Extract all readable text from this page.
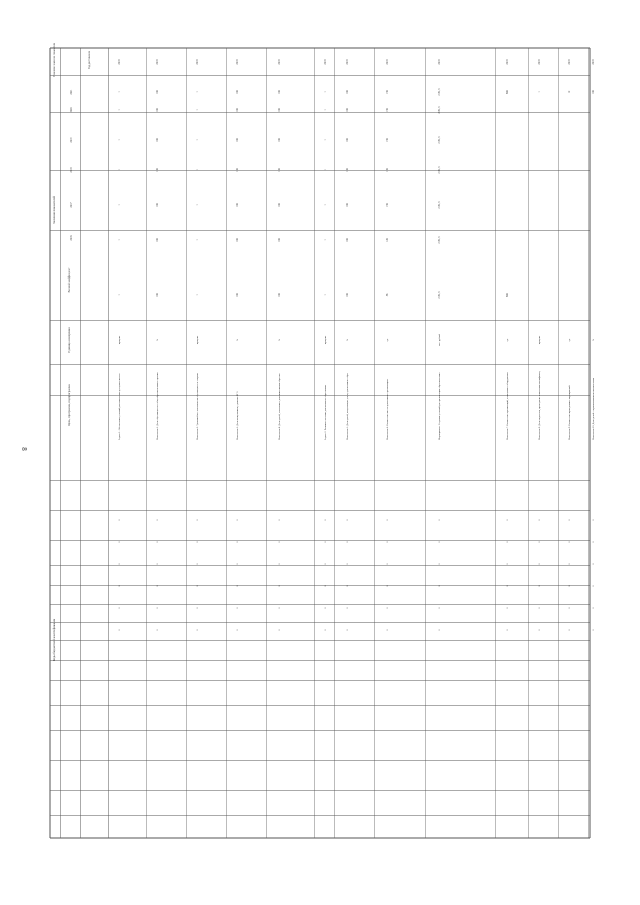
Значения показателей
Коды бюджетной классификации
Цель, программа, подпрограмма
Единица измерения
Весовой коэффициент
Плановое значение показателя	Год достижения
2016
2017
2018
2019
2020
2021
Задача 1. Обеспечение условий для повышения доступности и ка
процент
1
1
1
1
1
1
1
2018
0
0
0
0
0
0
Показатель 1. Доля обучающихся в общеобразовательных организ
%
100
100
100
100
100
100
100
2018
0
0
0
0
0
0
Показатель 2. Удельный вес численности обучающихся в совреме
процент
1
1
1
1
1
1
1
2018
0
0
0
0
0
0
Показатель 3. Доля выпускников, сдавших ЕГЭ
%
100
100
100
100
100
100
100
2018
0
0
0
0
0
0
Показатель 4. Доля детей, охваченных дополнительным образова
%
100
100
100
100
100
100
100
2018
0
0
0
0
0
0
Задача 2. Развитие системы дошкольного образования
процент
1
1
1
1
1
1
1
2018
0
0
0
0
0
0
Показатель 5. Доля детей, получающих услугу дошкольного обра
%
100
100
100
100
100
100
100
2018
0
0
0
0
0
0
Показатель 6. Количество мест в дошкольных организациях
ед.
56
120
150
150
150
150
150
2018
0
0
0
0
0
0
Мероприятие. Создание условий для организации образовательно
тыс. рублей
2181,5
2181,5
2181,5
2181,5
2181,5
2181,5
2181,5
2018
0
0
0
0
0
0
Показатель 7. Количество организаций, оснащенных оборудовани
ед.
800
800
2018
0
0
0
0
0
0
Показатель 8. Доля педагогов, прошедших повышение квалификац
процент
1
2018
0
0
0
0
0
0
Показатель 9. Количество проведенных мероприятий
ед.
12
2018
0
0
0
0
0
0
Показатель 10. Доля детей с ограниченными возможностями
%
100
2018
0
0
0
0
0
0
8
